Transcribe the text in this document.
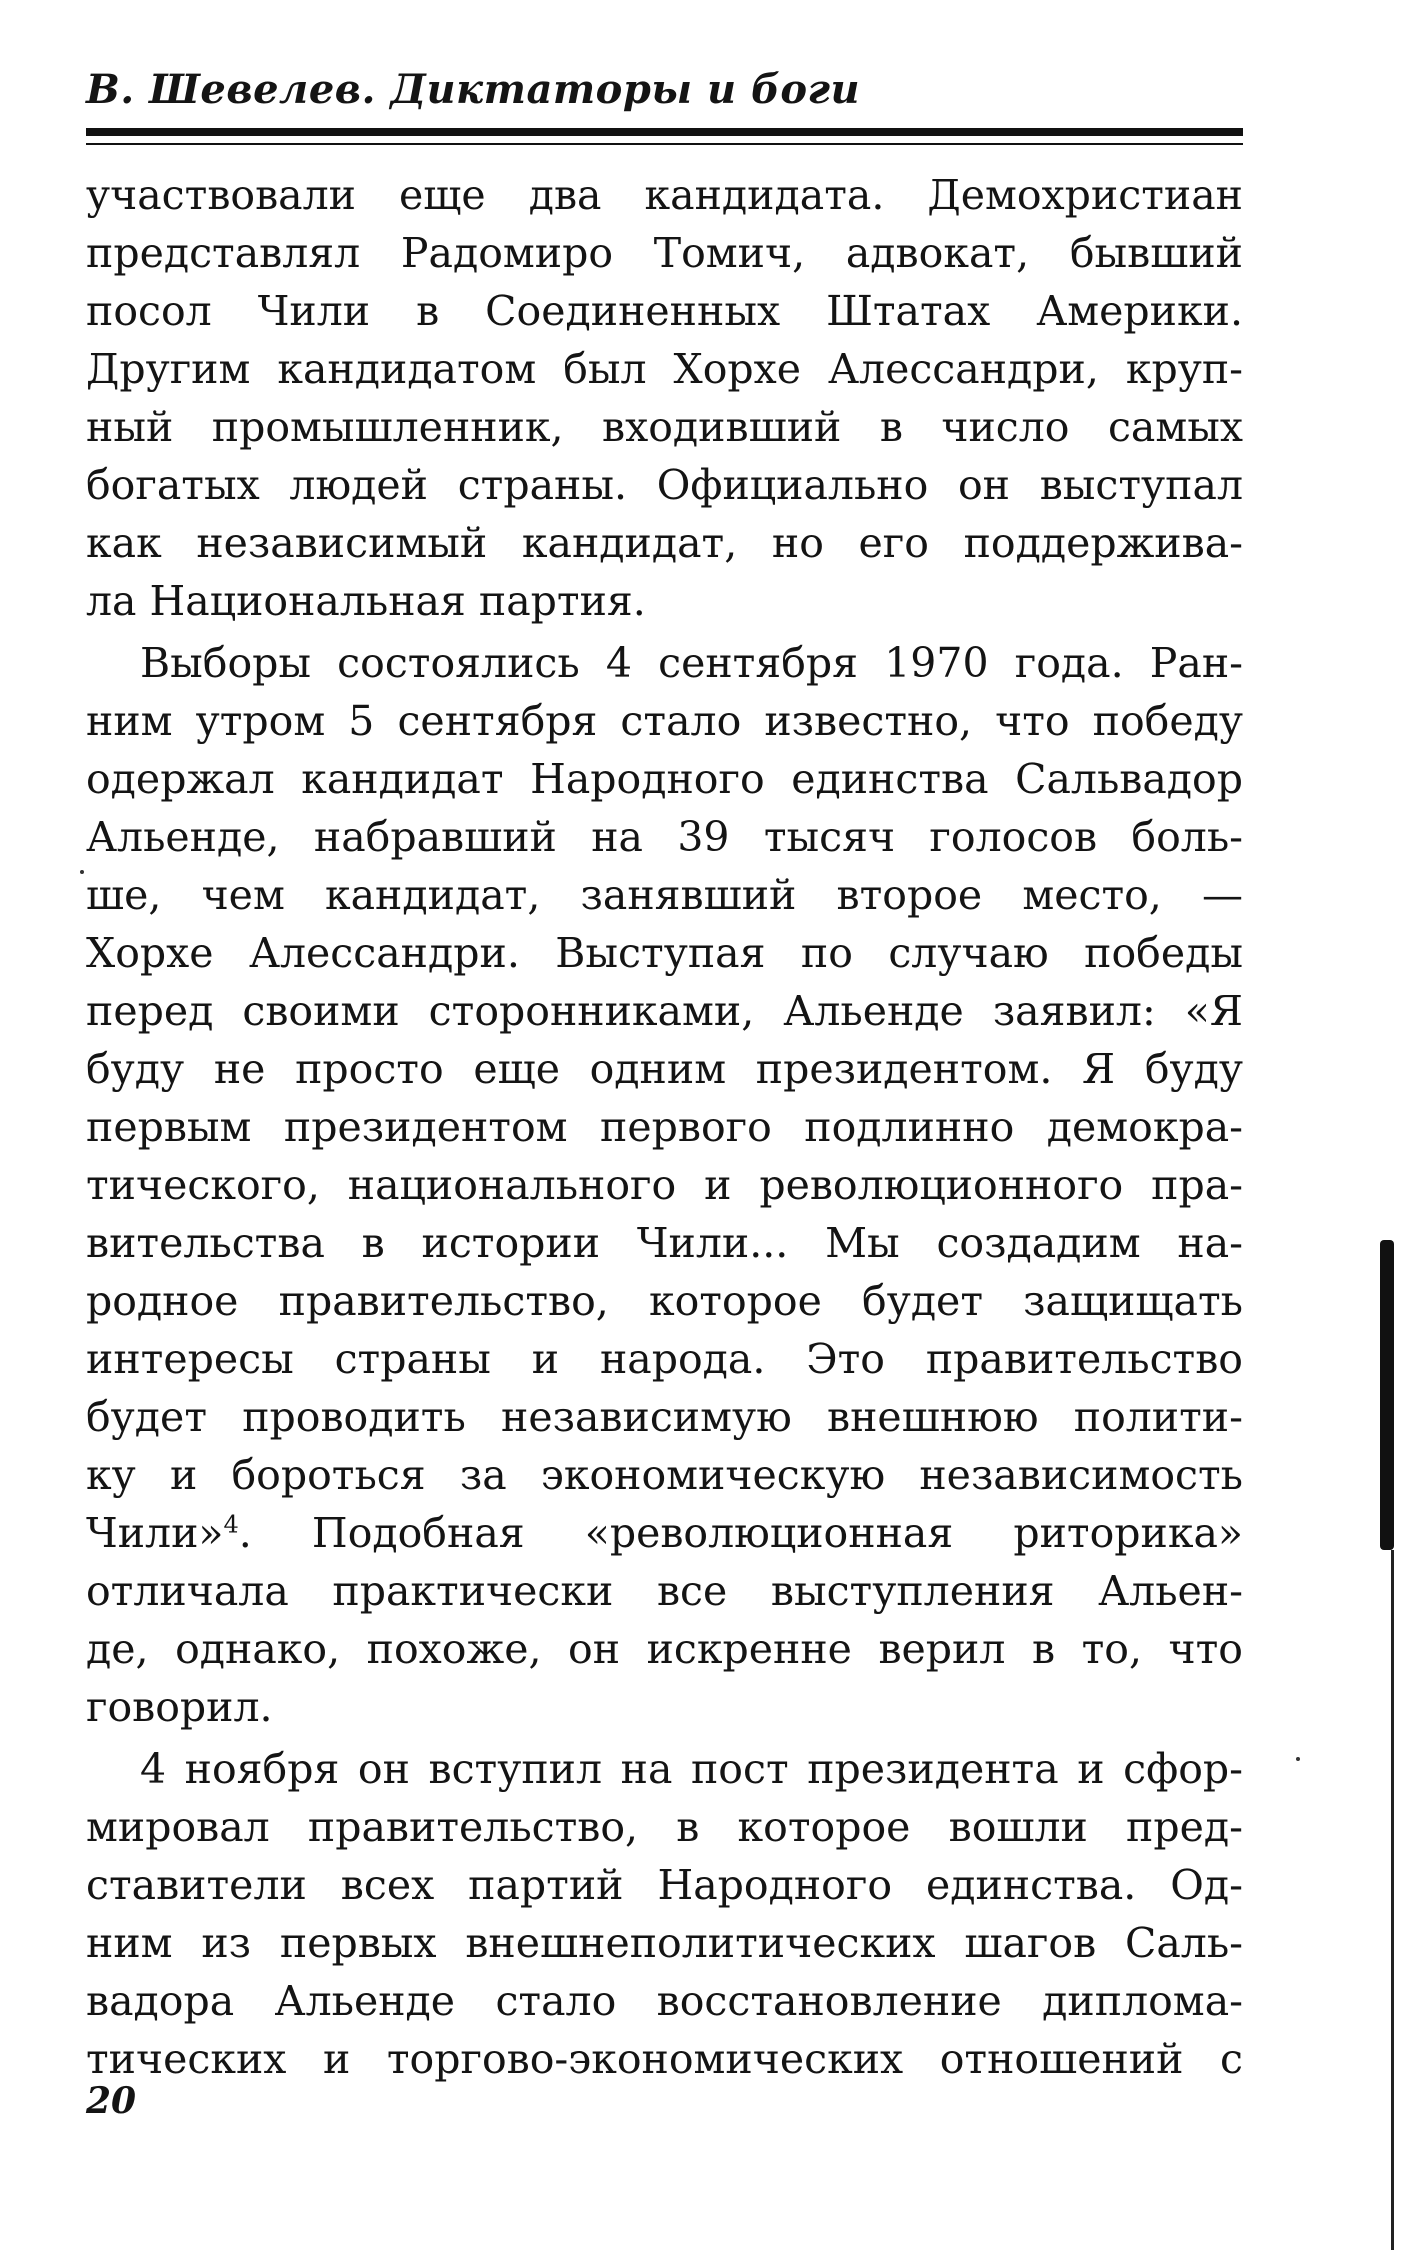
В. Шевелев. Диктаторы и боги
участвовали еще два кандидата. Демохристиан
представлял Радомиро Томич, адвокат, бывший
посол Чили в Соединенных Штатах Америки.
Другим кандидатом был Хорхе Алессандри, круп-
ный промышленник, входивший в число самых
богатых людей страны. Официально он выступал
как независимый кандидат, но его поддержива-
ла Национальная партия.
Выборы состоялись 4 сентября 1970 года. Ран-
ним утром 5 сентября стало известно, что победу
одержал кандидат Народного единства Сальвадор
Альенде, набравший на 39 тысяч голосов боль-
ше, чем кандидат, занявший второе место, —
Хорхе Алессандри. Выступая по случаю победы
перед своими сторонниками, Альенде заявил: «Я
буду не просто еще одним президентом. Я буду
первым президентом первого подлинно демокра-
тического, национального и революционного пра-
вительства в истории Чили... Мы создадим на-
родное правительство, которое будет защищать
интересы страны и народа. Это правительство
будет проводить независимую внешнюю полити-
ку и бороться за экономическую независимость
Чили»$^4$. Подобная «революционная риторика»
отличала практически все выступления Альен-
де, однако, похоже, он искренне верил в то, что
говорил.
4 ноября он вступил на пост президента и сфор-
мировал правительство, в которое вошли пред-
ставители всех партий Народного единства. Од-
ним из первых внешнеполитических шагов Саль-
вадора Альенде стало восстановление диплома-
тических и торгово-экономических отношений с
20
